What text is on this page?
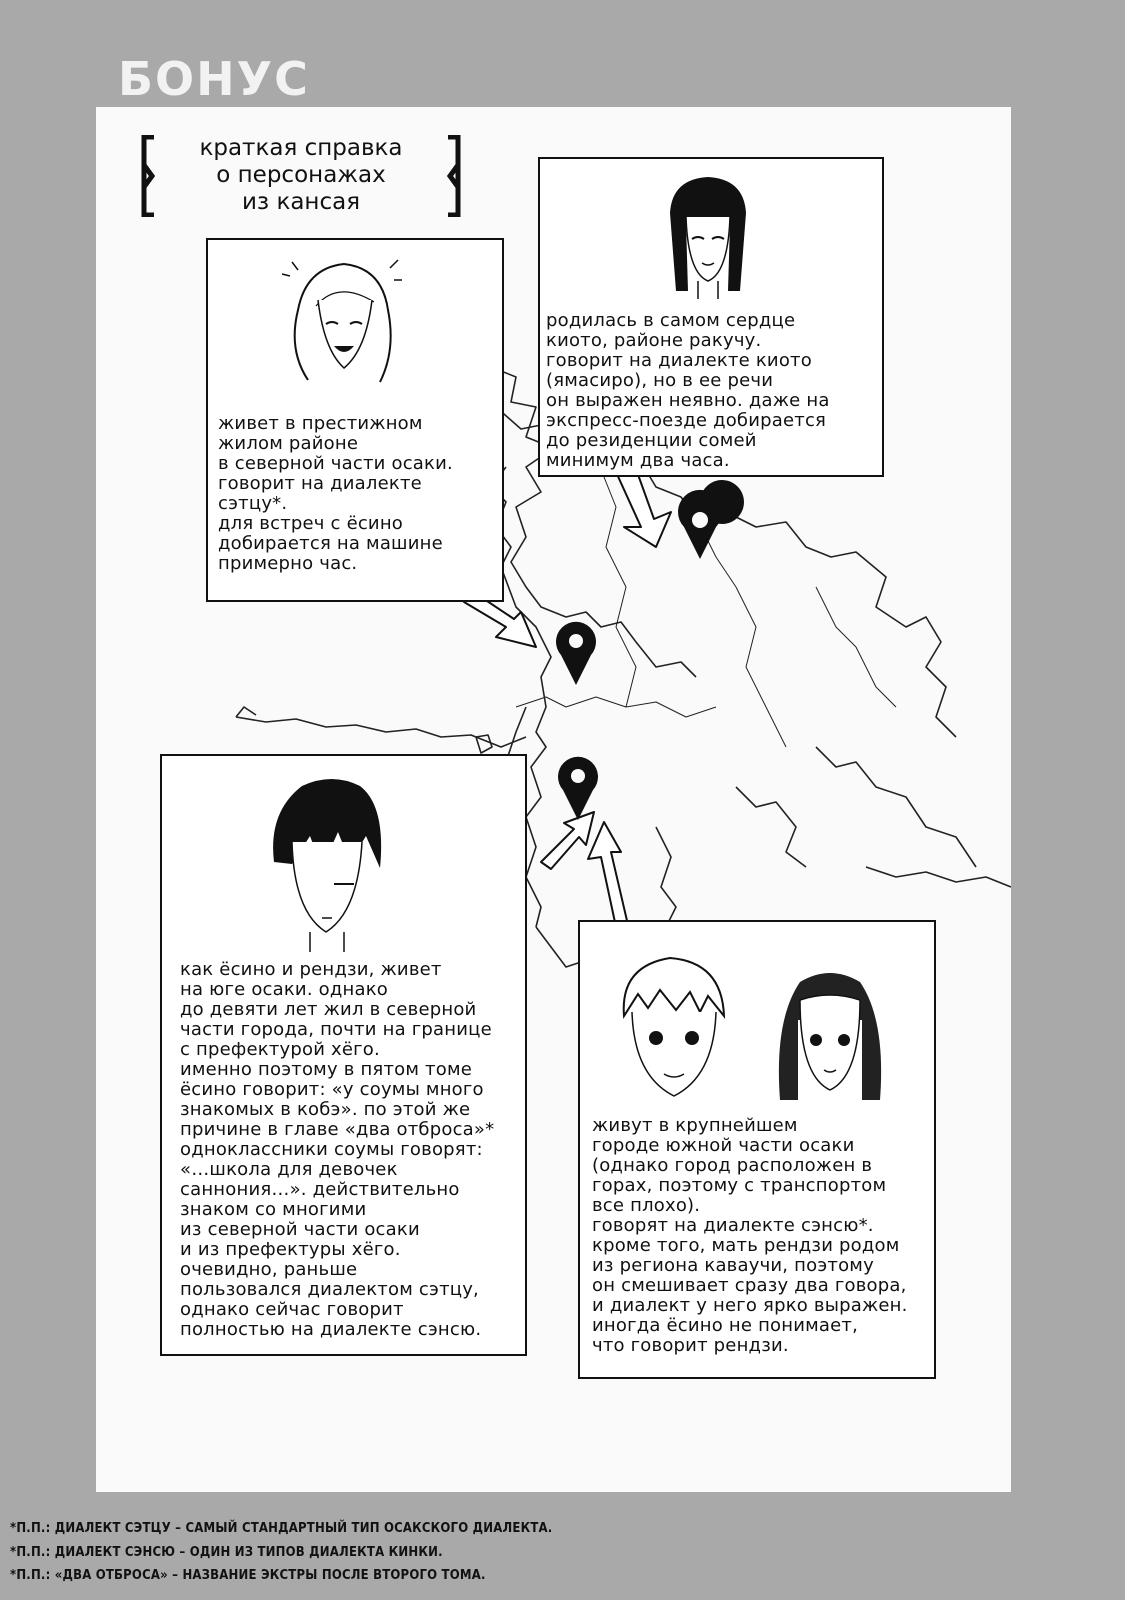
БОНУС
краткая справка
о персонажах
из кансая
родилась в самом сердце
киото, районе ракучу.
говорит на диалекте киото
(ямасиро), но в ее речи
он выражен неявно. даже на
экспресс-поезде добирается
до резиденции сомей
минимум два часа.
живет в престижном
жилом районе
в северной части осаки.
говорит на диалекте
сэтцу*.
для встреч с ёсино
добирается на машине
примерно час.
как ёсино и рендзи, живет
на юге осаки. однако
до девяти лет жил в северной
части города, почти на границе
с префектурой хёго.
именно поэтому в пятом томе
ёсино говорит: «у соумы много
знакомых в кобэ». по этой же
причине в главе «два отброса»*
одноклассники соумы говорят:
«…школа для девочек
саннония…». действительно
знаком со многими
из северной части осаки
и из префектуры хёго.
очевидно, раньше
пользовался диалектом сэтцу,
однако сейчас говорит
полностью на диалекте сэнсю.
живут в крупнейшем
городе южной части осаки
(однако город расположен в
горах, поэтому с транспортом
все плохо).
говорят на диалекте сэнсю*.
кроме того, мать рендзи родом
из региона каваучи, поэтому
он смешивает сразу два говора,
и диалект у него ярко выражен.
иногда ёсино не понимает,
что говорит рендзи.
*П.П.: ДИАЛЕКТ СЭТЦУ – САМЫЙ СТАНДАРТНЫЙ ТИП ОСАКСКОГО ДИАЛЕКТА.
*П.П.: ДИАЛЕКТ СЭНСЮ – ОДИН ИЗ ТИПОВ ДИАЛЕКТА КИНКИ.
*П.П.: «ДВА ОТБРОСА» – НАЗВАНИЕ ЭКСТРЫ ПОСЛЕ ВТОРОГО ТОМА.
